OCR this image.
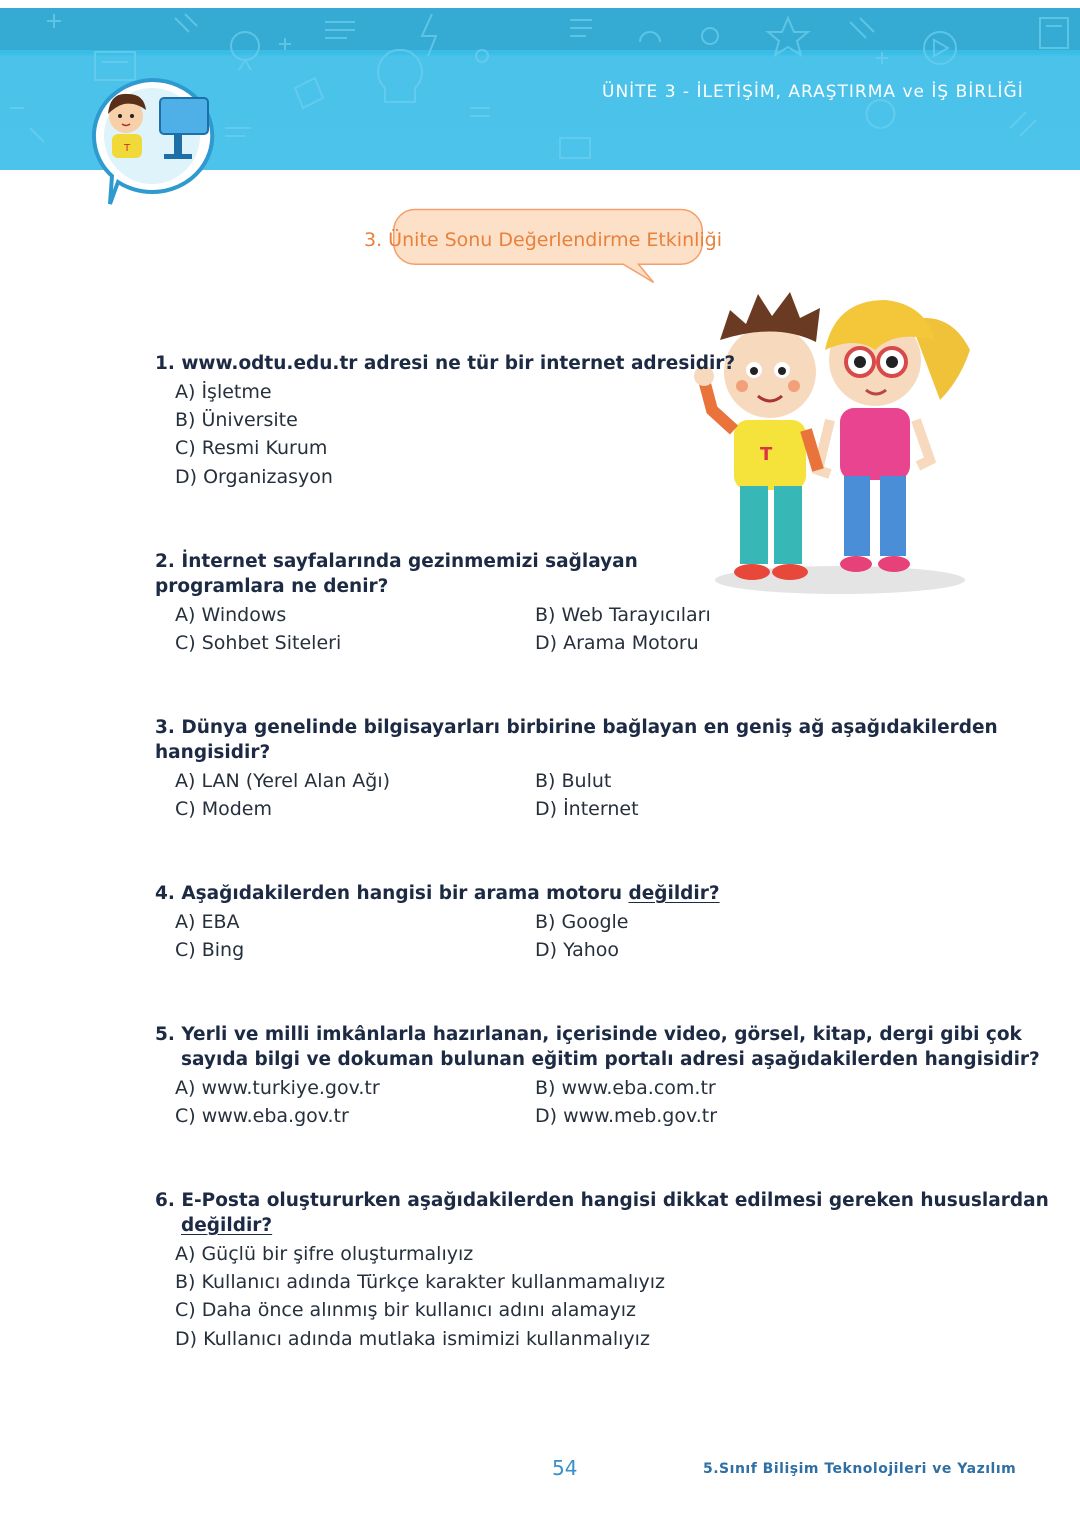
ÜNİTE 3 - İLETİŞİM, ARAŞTIRMA ve İŞ BİRLİĞİ
T
3. Ünite Sonu Değerlendirme Etkinliği
T
1. www.odtu.edu.tr adresi ne tür bir internet adresidir?
A) İşletme
B) Üniversite
C) Resmi Kurum
D) Organizasyon
2. İnternet sayfalarında gezinmemizi sağlayan
programlara ne denir?
A) Windows	B) Web Tarayıcıları
C) Sohbet Siteleri	D) Arama Motoru
3. Dünya genelinde bilgisayarları birbirine bağlayan en geniş ağ aşağıdakilerden
hangisidir?
A) LAN (Yerel Alan Ağı)	B) Bulut
C) Modem	D) İnternet
4. Aşağıdakilerden hangisi bir arama motoru değildir?
A) EBA	B) Google
C) Bing	D) Yahoo
5. Yerli ve milli imkânlarla hazırlanan, içerisinde video, görsel, kitap, dergi gibi çok
sayıda bilgi ve dokuman bulunan eğitim portalı adresi aşağıdakilerden hangisidir?
A) www.turkiye.gov.tr	B) www.eba.com.tr
C) www.eba.gov.tr	D) www.meb.gov.tr
6. E-Posta oluştururken aşağıdakilerden hangisi dikkat edilmesi gereken hususlardan
değildir?
A) Güçlü bir şifre oluşturmalıyız
B) Kullanıcı adında Türkçe karakter kullanmamalıyız
C) Daha önce alınmış bir kullanıcı adını alamayız
D) Kullanıcı adında mutlaka ismimizi kullanmalıyız
54	5.Sınıf Bilişim Teknolojileri ve Yazılım
